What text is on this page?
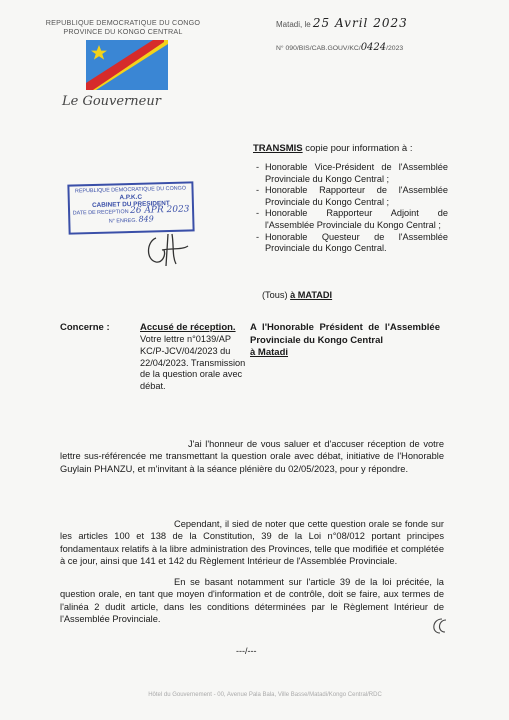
REPUBLIQUE DEMOCRATIQUE DU CONGO
PROVINCE DU KONGO CENTRAL
Le Gouverneur
Matadi, le 25 Avril 2023
N° 090/BIS/CAB.GOUV/KC/0424/2023
TRANSMIS copie pour information à :
- Honorable Vice-Président de l'Assemblée Provinciale du Kongo Central ;
- Honorable Rapporteur de l'Assemblée Provinciale du Kongo Central ;
- Honorable Rapporteur Adjoint de l'Assemblée Provinciale du Kongo Central ;
- Honorable Questeur de l'Assemblée Provinciale du Kongo Central.
(Tous) à MATADI
REPUBLIQUE DEMOCRATIQUE DU CONGO
A.P.K.C
CABINET DU PRESIDENT
DATE DE RECEPTION 26 APR 2023
N° ENREG. 849
Concerne :	Accusé de réception.
Votre lettre n°0139/AP KC/P-JCV/04/2023 du 22/04/2023. Transmission de la question orale avec débat.
A l'Honorable Président de l'Assemblée Provinciale du Kongo Central
à Matadi
J'ai l'honneur de vous saluer et d'accuser réception de votre lettre sus-référencée me transmettant la question orale avec débat, initiative de l'Honorable Guylain PHANZU, et m'invitant à la séance plénière du 02/05/2023, pour y répondre.
Cependant, il sied de noter que cette question orale se fonde sur les articles 100 et 138 de la Constitution, 39 de la Loi n°08/012 portant principes fondamentaux relatifs à la libre administration des Provinces, telle que modifiée et complétée à ce jour, ainsi que 141 et 142 du Règlement Intérieur de l'Assemblée Provinciale.
En se basant notamment sur l'article 39 de la loi précitée, la question orale, en tant que moyen d'information et de contrôle, doit se faire, aux termes de l'alinéa 2 dudit article, dans les conditions déterminées par le Règlement Intérieur de l'Assemblée Provinciale.
---/---
Hôtel du Gouvernement - 00, Avenue Pala Bala, Ville Basse/Matadi/Kongo Central/RDC
